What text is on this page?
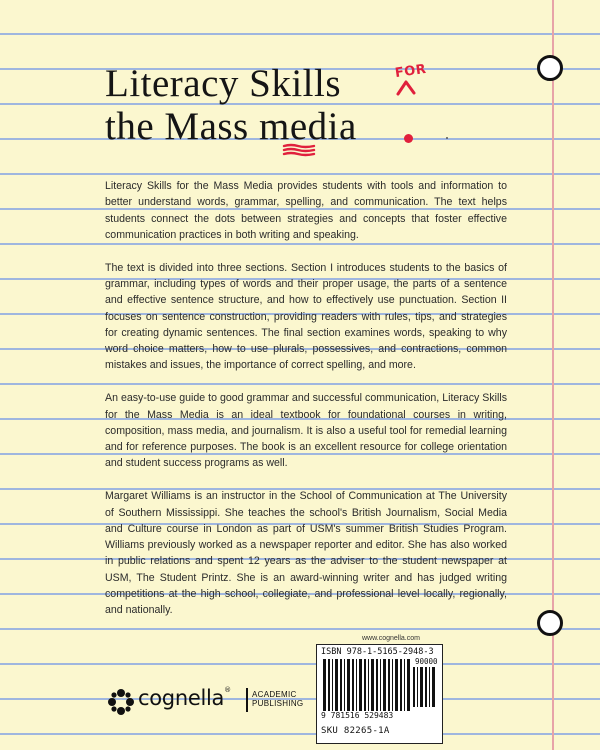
Literacy Skills
the Mass media
FOR

Literacy Skills for the Mass Media provides students with tools and information to better understand words, grammar, spelling, and communication. The text helps students connect the dots between strategies and concepts that foster effective communication practices in both writing and speaking.

The text is divided into three sections. Section I introduces students to the basics of grammar, including types of words and their proper usage, the parts of a sentence and effective sentence structure, and how to effectively use punctuation. Section II focuses on sentence construction, providing readers with rules, tips, and strategies for creating dynamic sentences. The final section examines words, speaking to why word choice matters, how to use plurals, possessives, and contractions, common mistakes and issues, the importance of correct spelling, and more.

An easy-to-use guide to good grammar and successful communication, Literacy Skills for the Mass Media is an ideal textbook for foundational courses in writing, composition, mass media, and journalism. It is also a useful tool for remedial learning and for reference purposes. The book is an excellent resource for college orientation and student success programs as well.

Margaret Williams is an instructor in the School of Communication at The University of Southern Mississippi. She teaches the school's British Journalism, Social Media and Culture course in London as part of USM's summer British Studies Program. Williams previously worked as a newspaper reporter and editor. She has also worked in public relations and spent 12 years as the adviser to the student newspaper at USM, The Student Printz. She is an award-winning writer and has judged writing competitions at the high school, collegiate, and professional level locally, regionally, and nationally.

www.cognella.com
ISBN 978-1-5165-2948-3
90000
9 781516 529483
SKU 82265-1A
cognella®	ACADEMIC
PUBLISHING
